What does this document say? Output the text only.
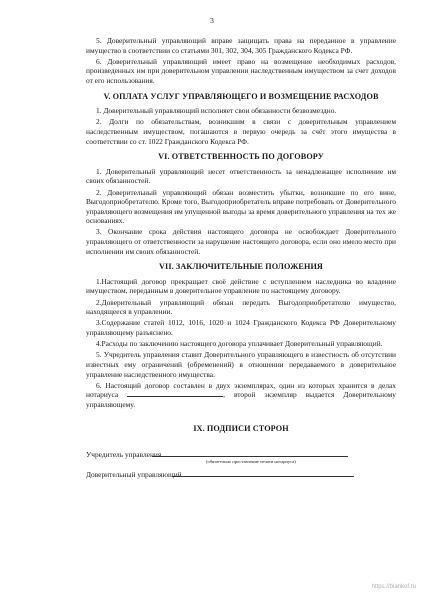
3

5. Доверительный управляющий вправе защищать права на переданное в управление имущество в соответствии со статьями 301, 302, 304, 305 Гражданского Кодекса РФ.

6. Доверительный управляющий имеет право на возмещение необходимых расходов, произведенных им при доверительном управлении наследственным имуществом за счет доходов от его использования.

V. ОПЛАТА УСЛУГ УПРАВЛЯЮЩЕГО И ВОЗМЕЩЕНИЕ РАСХОДОВ

1. Доверительный управляющий исполняет свои обязанности безвозмездно.

2. Долги по обязательствам, возникшим в связи с доверительным управлением наследственным имуществом, погашаются в первую очередь за счёт этого имущества в соответствии со ст. 1022 Гражданского Кодекса РФ.

VI. ОТВЕТСТВЕННОСТЬ ПО ДОГОВОРУ

1. Доверительный управляющий несет ответственность за ненадлежащее исполнение им своих обязанностей.

2. Доверительный управляющий обязан возместить убытки, возникшие по его вине, Выгодоприобретателю. Кроме того, Выгодоприобретатель вправе потребовать от Доверительного управляющего возмещения им упущенной выгоды за время доверительного управления на тех же основаниях.

3. Окончание срока действия настоящего договора не освобождает Доверительного управляющего от ответственности за нарушение настоящего договора, если оно имело место при исполнении им своих обязанностей.

VII. ЗАКЛЮЧИТЕЛЬНЫЕ ПОЛОЖЕНИЯ

1.Настоящий договор прекращает своё действие с вступлением наследника во владение имуществом, переданным в доверительное управление по настоящему договору.

2.Доверительный управляющий обязан передать Выгодоприобретателю имущество, находящееся в управлении.

3.Содержание статей 1012, 1016, 1020 и 1024 Гражданского Кодекса РФ Доверительному управляющему разъяснено.

4.Расходы по заключению настоящего договора уплачивает Доверительный управляющий.

5. Учредитель управления ставит Доверительного управляющего в известность об отсутствии известных ему ограничений (обременений) в отношении передаваемого в доверительное управление наследственного имущества.

6. Настоящий договор составлен в двух экземплярах, один из которых хранится в делах нотариуса	, второй экземпляр выдается Доверительному управляющему.

IX. ПОДПИСИ СТОРОН
Учредитель управления
(обязательно проставление печати нотариуса)
Доверительный управляющий
https://blankof.ru
